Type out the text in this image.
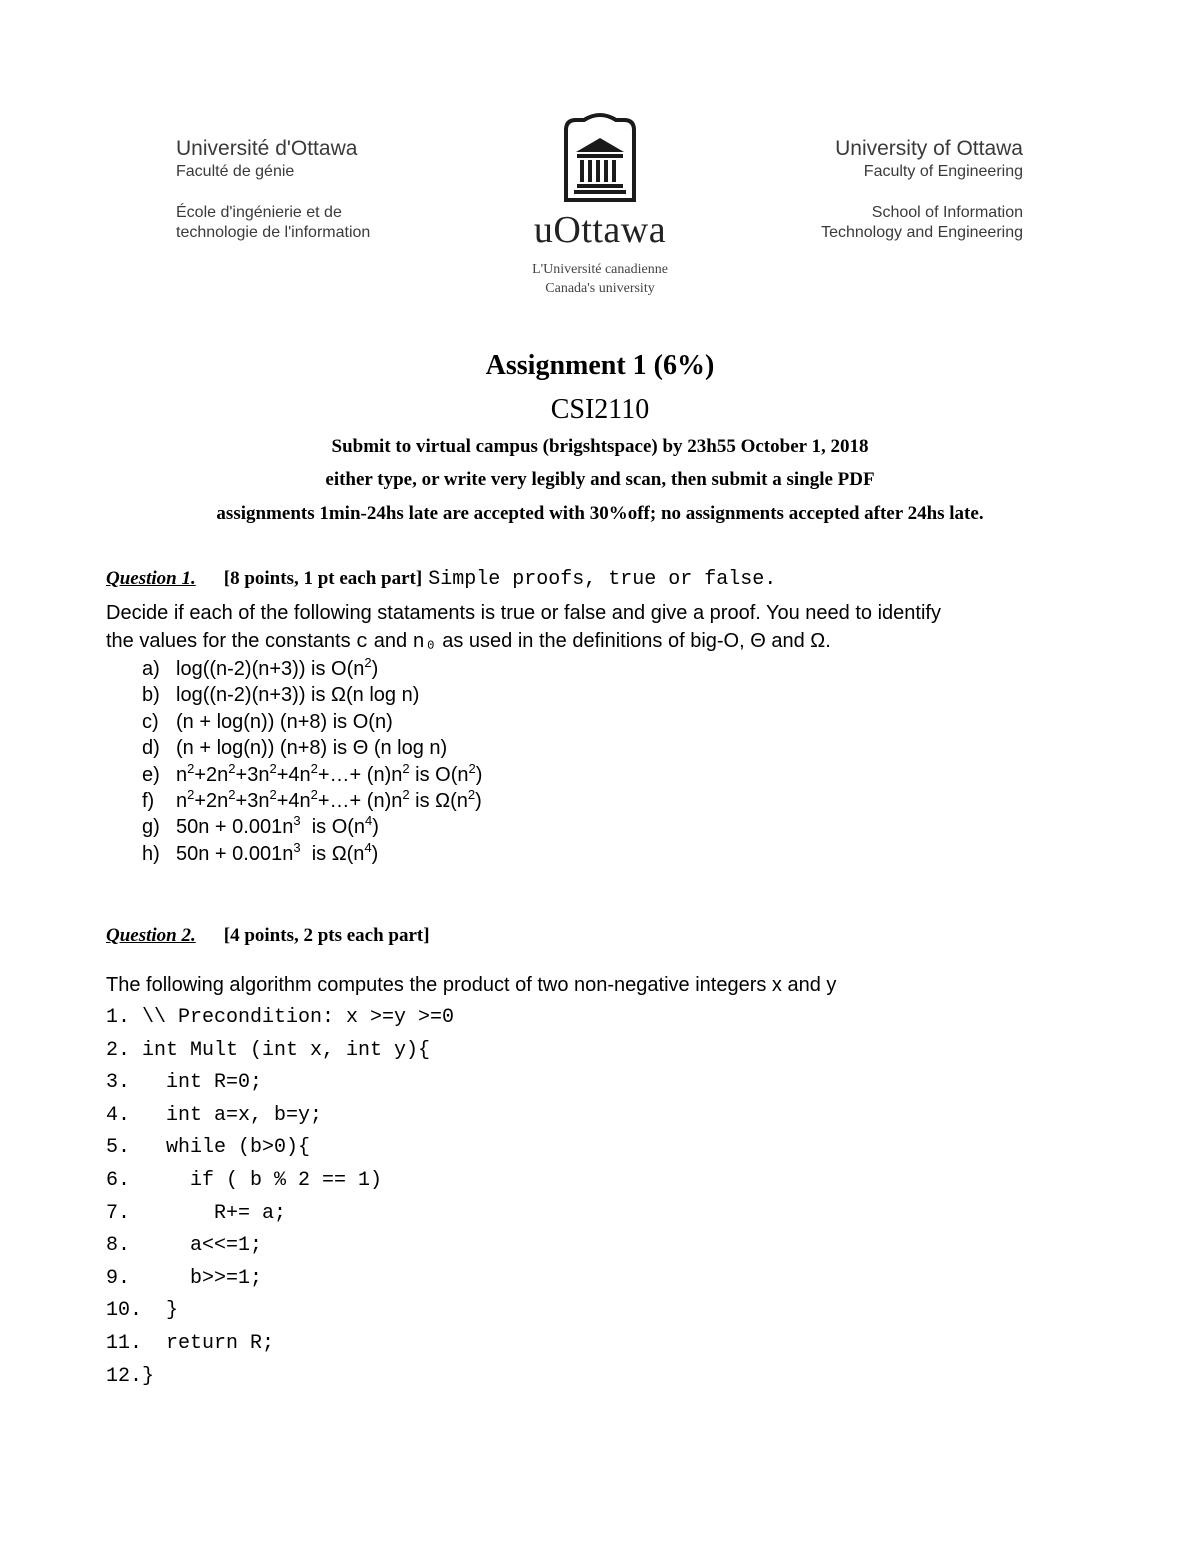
Université d'Ottawa
Faculté de génie
École d'ingénierie et de
technologie de l'information	uOttawa
L'Université canadienne
Canada's university
University of Ottawa
Faculty of Engineering
School of Information
Technology and Engineering
Assignment 1 (6%)
CSI2110
Submit to virtual campus (brigshtspace) by 23h55 October 1, 2018
either type, or write very legibly and scan, then submit a single PDF
assignments 1min-24hs late are accepted with 30%off; no assignments accepted after 24hs late.
Question 1. [8 points, 1 pt each part] Simple proofs, true or false.
Decide if each of the following stataments is true or false and give a proof. You need to identify
the values for the constants c and n₀ as used in the definitions of big-O, Θ and Ω.
a) log((n-2)(n+3)) is $O(n^2)$
b) log((n-2)(n+3)) is Ω(n log n)
c) (n + log(n)) (n+8) is O(n)
d) (n + log(n)) (n+8) is Θ (n log n)
e) $n^2+2n^2+3n^2+4n^2+\dots+ (n)n^2$ is $O(n^2)$
f) $n^2+2n^2+3n^2+4n^2+\dots+ (n)n^2$ is $\Omega(n^2)$
g) $50n + 0.001n^3$  is $O(n^4)$
h) $50n + 0.001n^3$  is $\Omega(n^4)$
Question 2. [4 points, 2 pts each part]
The following algorithm computes the product of two non-negative integers x and y
1. \\ Precondition: x >=y >=0
2. int Mult (int x, int y){
3.   int R=0;
4.   int a=x, b=y;
5.   while (b>0){
6.     if ( b % 2 == 1)
7.       R+= a;
8.     a<<=1;
9.     b>>=1;
10.  }
11.  return R;
12.}
